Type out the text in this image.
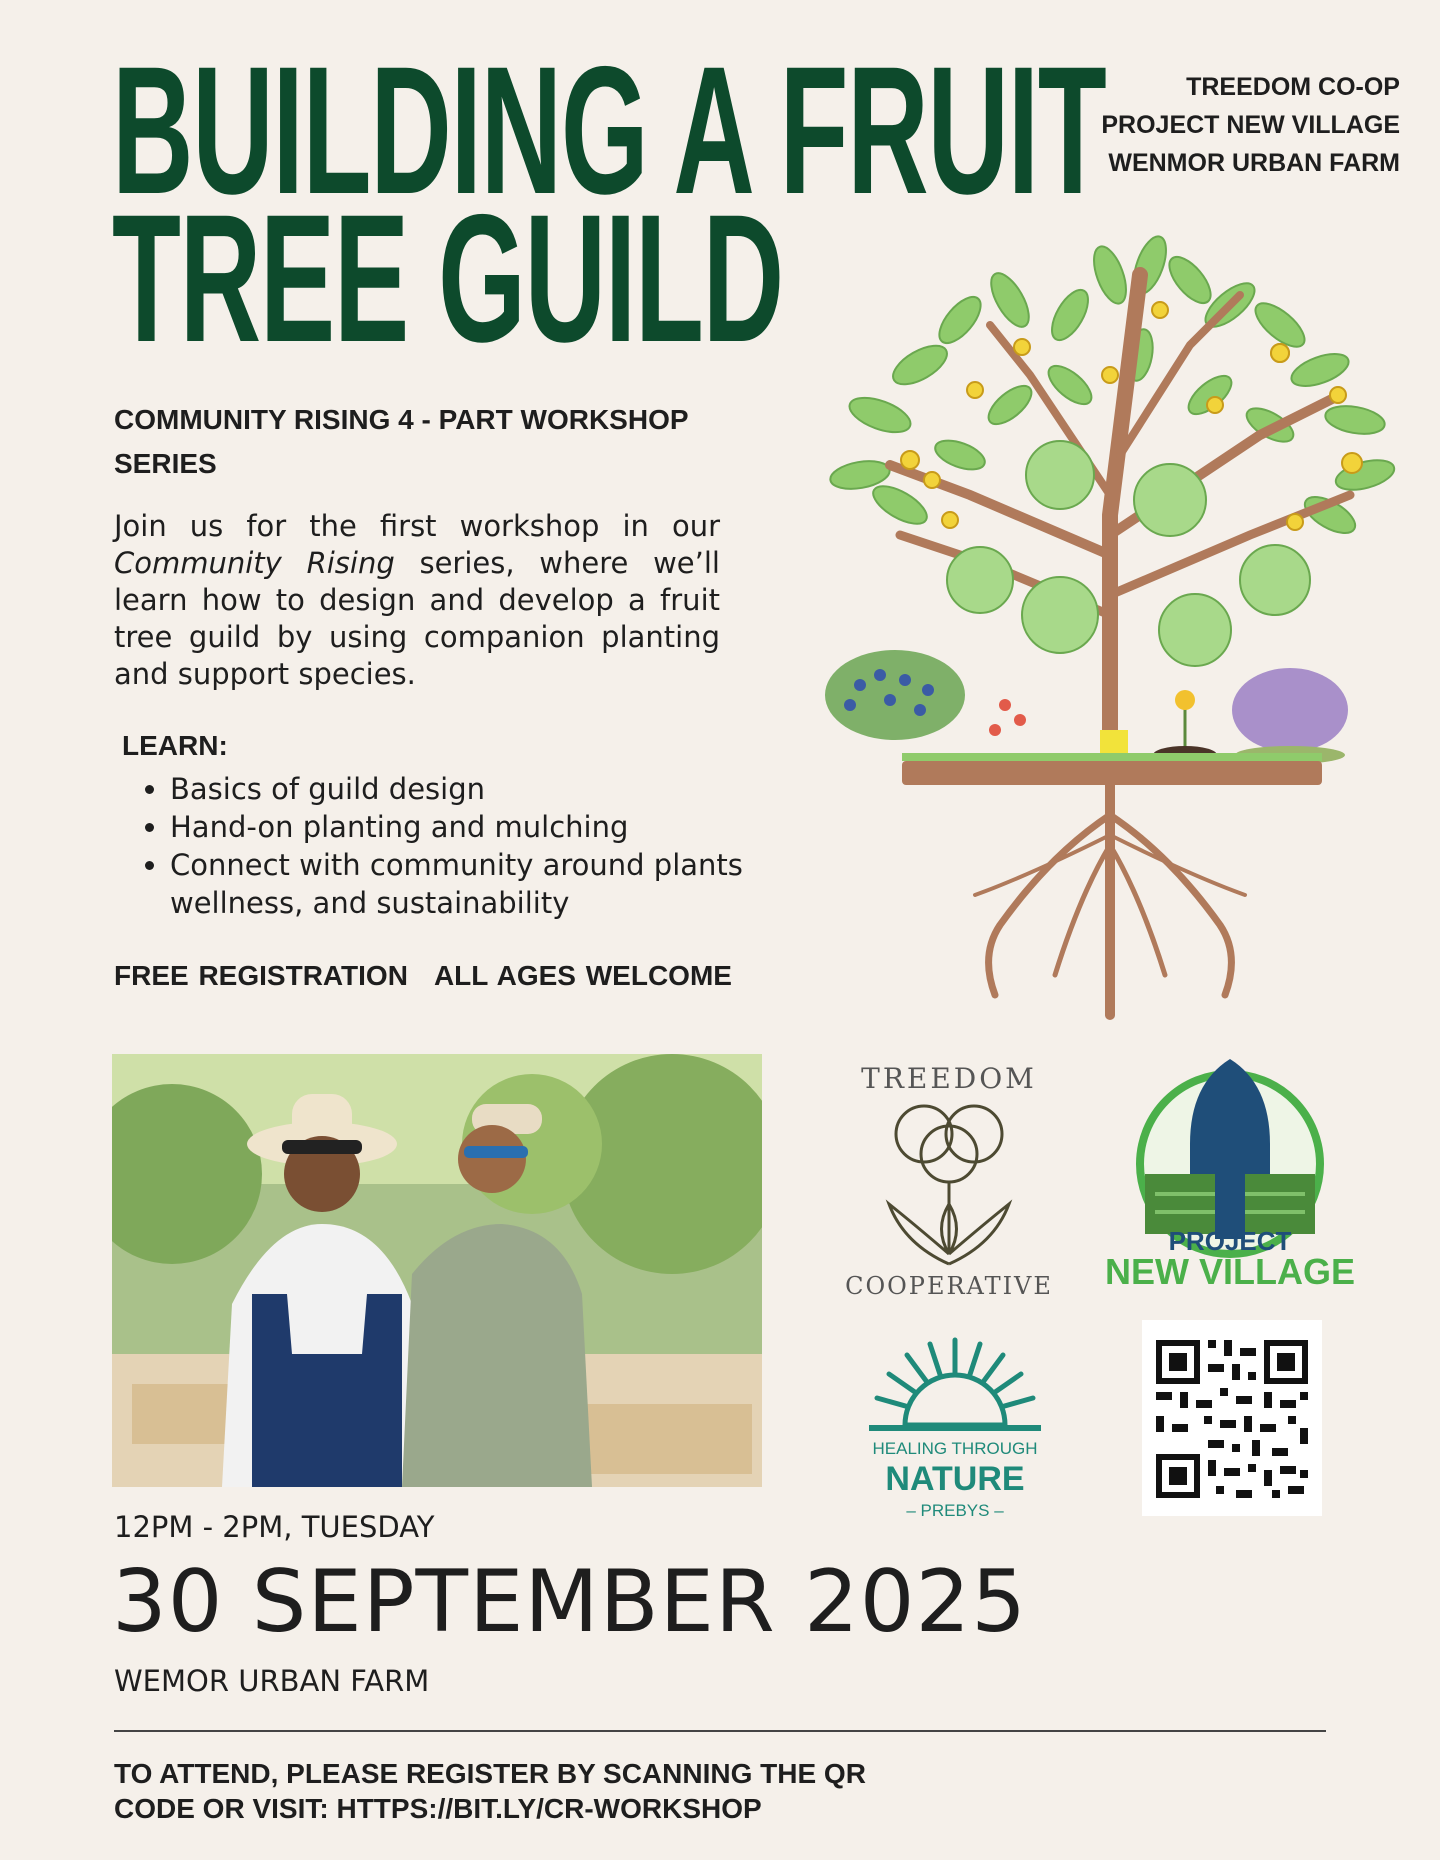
BUILDING A FRUIT
TREE GUILD
TREEDOM CO-OP
PROJECT NEW VILLAGE
WENMOR URBAN FARM
COMMUNITY RISING 4 - PART WORKSHOP SERIES
Join us for the first workshop in our Community Rising series, where we’ll learn how to design and develop a fruit tree guild by using companion planting and support species.
LEARN:
• Basics of guild design
• Hand-on planting and mulching
• Connect with community around plants wellness, and sustainability
FREE REGISTRATION ALL AGES WELCOME
TREEDOM
COOPERATIVE
PROJECT
NEW VILLAGE
HEALING THROUGH
NATURE
– PREBYS –
12PM - 2PM, TUESDAY
30 SEPTEMBER 2025
WEMOR URBAN FARM
TO ATTEND, PLEASE REGISTER BY SCANNING THE QR
CODE OR VISIT: HTTPS://BIT.LY/CR-WORKSHOP
